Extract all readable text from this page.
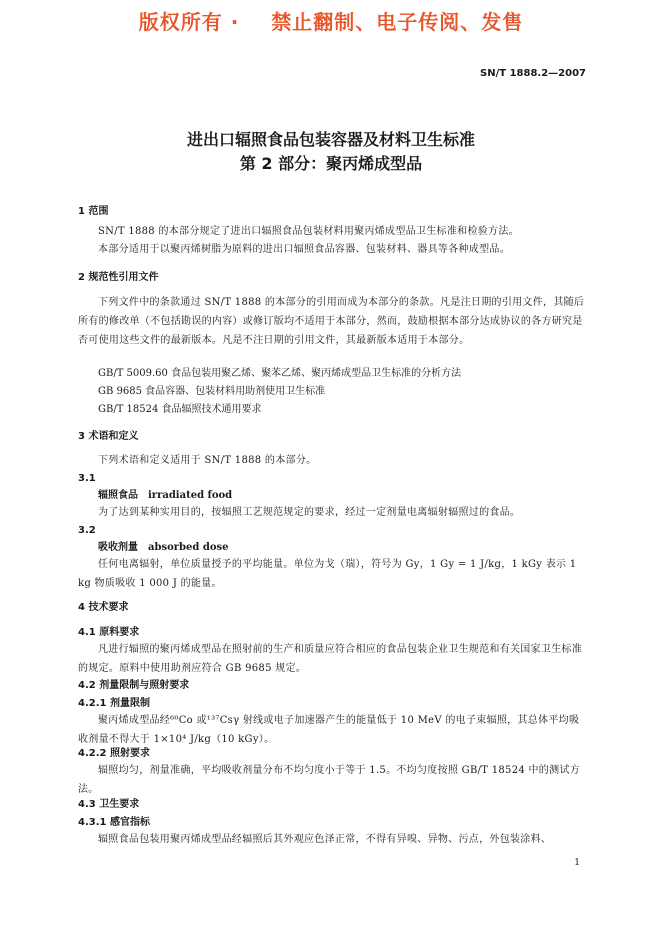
版权所有 ·    禁止翻制、电子传阅、发售
SN/T 1888.2—2007
进出口辐照食品包装容器及材料卫生标准
第 2 部分：聚丙烯成型品
1 范围
SN/T 1888 的本部分规定了进出口辐照食品包装材料用聚丙烯成型品卫生标准和检验方法。
本部分适用于以聚丙烯树脂为原料的进出口辐照食品容器、包装材料、器具等各种成型品。
2 规范性引用文件
下列文件中的条款通过 SN/T 1888 的本部分的引用而成为本部分的条款。凡是注日期的引用文件，其随后所有的修改单（不包括勘误的内容）或修订版均不适用于本部分，然而，鼓励根据本部分达成协议的各方研究是否可使用这些文件的最新版本。凡是不注日期的引用文件，其最新版本适用于本部分。
GB/T 5009.60 食品包装用聚乙烯、聚苯乙烯、聚丙烯成型品卫生标准的分析方法
GB 9685 食品容器、包装材料用助剂使用卫生标准
GB/T 18524 食品辐照技术通用要求
3 术语和定义
下列术语和定义适用于 SN/T 1888 的本部分。
3.1
辐照食品 irradiated food
为了达到某种实用目的，按辐照工艺规范规定的要求，经过一定剂量电离辐射辐照过的食品。
3.2
吸收剂量 absorbed dose
任何电离辐射，单位质量授予的平均能量。单位为戈（瑞），符号为 Gy，1 Gy = 1 J/kg，1 kGy 表示 1 kg 物质吸收 1 000 J 的能量。
4 技术要求
4.1 原料要求
凡进行辐照的聚丙烯成型品在照射前的生产和质量应符合相应的食品包装企业卫生规范和有关国家卫生标准的规定。原料中使用助剂应符合 GB 9685 规定。
4.2 剂量限制与照射要求
4.2.1 剂量限制
聚丙烯成型品经⁶⁰Co 或¹³⁷Csγ 射线或电子加速器产生的能量低于 10 MeV 的电子束辐照，其总体平均吸收剂量不得大于 1×10⁴ J/kg（10 kGy）。
4.2.2 照射要求
辐照均匀，剂量准确，平均吸收剂量分布不均匀度小于等于 1.5。不均匀度按照 GB/T 18524 中的测试方法。
4.3 卫生要求
4.3.1 感官指标
辐照食品包装用聚丙烯成型品经辐照后其外观应色泽正常，不得有异嗅、异物、污点，外包装涂料、
1
